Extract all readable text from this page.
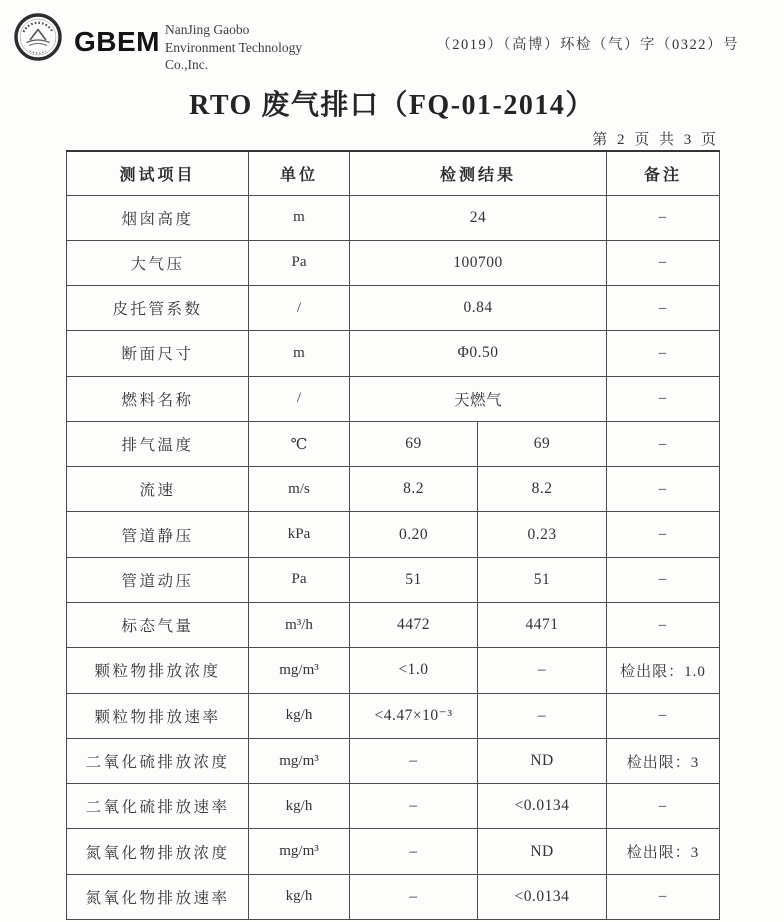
GBEM NanJing Gaobo
Environment Technology
Co.,Inc.
（2019）（高博）环检（气）字（0322）号
RTO 废气排口（FQ-01-2014）
第 2 页 共 3 页
测试项目	单位	检测结果		备注
烟囱高度	m	24		–
大气压	Pa	100700		–
皮托管系数	/	0.84		–
断面尺寸	m	Φ0.50		–
燃料名称	/	天燃气		–
排气温度	℃	69	69	–
流速	m/s	8.2	8.2	–
管道静压	kPa	0.20	0.23	–
管道动压	Pa	51	51	–
标态气量	m³/h	4472	4471	–
颗粒物排放浓度	mg/m³	<1.0	–	检出限：1.0
颗粒物排放速率	kg/h	<4.47×10⁻³	–	–
二氧化硫排放浓度	mg/m³	–	ND	检出限：3
二氧化硫排放速率	kg/h	–	<0.0134	–
氮氧化物排放浓度	mg/m³	–	ND	检出限：3
氮氧化物排放速率	kg/h	–	<0.0134	–
